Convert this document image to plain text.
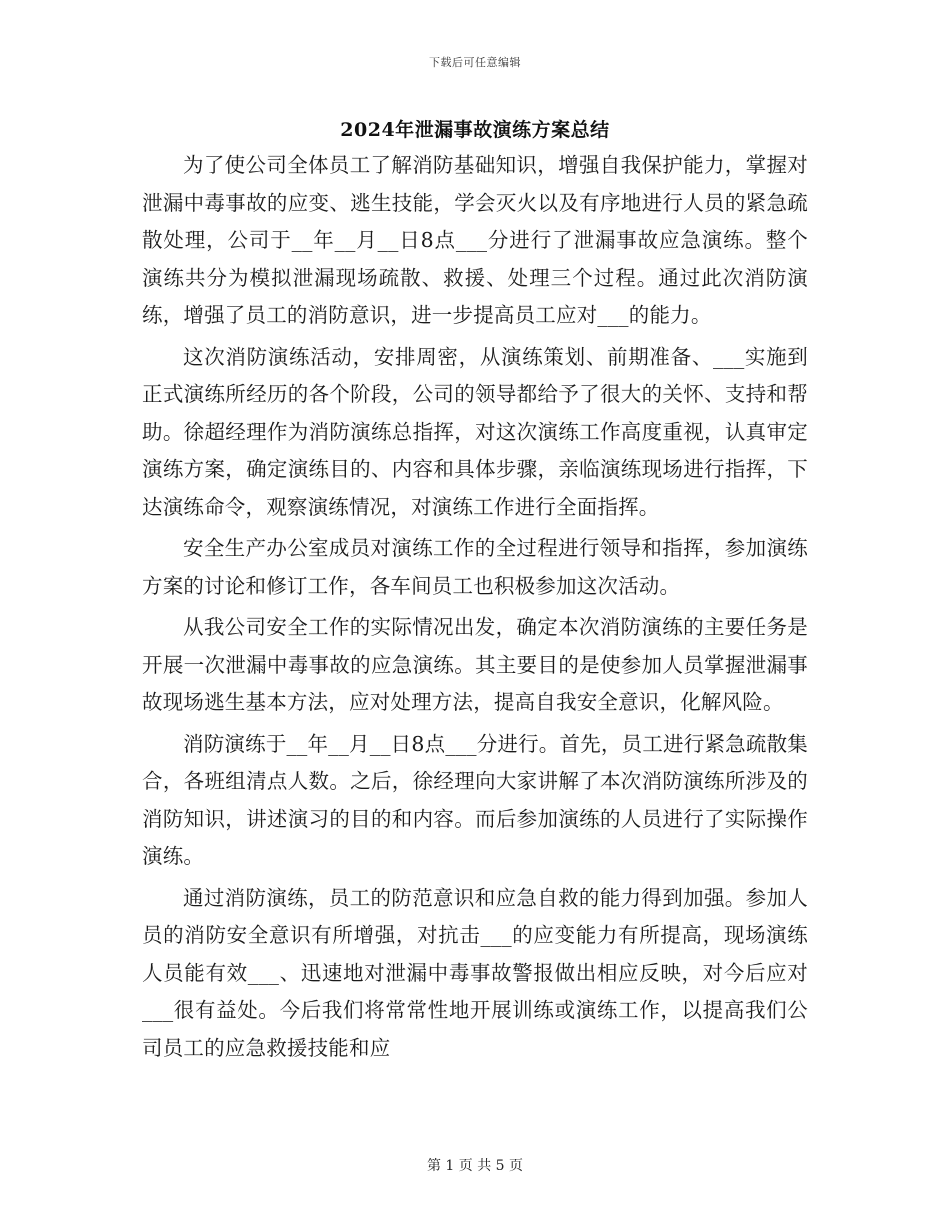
下载后可任意编辑
2024年泄漏事故演练方案总结

为了使公司全体员工了解消防基础知识，增强自我保护能力，掌握对泄漏中毒事故的应变、逃生技能，学会灭火以及有序地进行人员的紧急疏散处理，公司于__年__月__日8点___分进行了泄漏事故应急演练。整个演练共分为模拟泄漏现场疏散、救援、处理三个过程。通过此次消防演练，增强了员工的消防意识，进一步提高员工应对___的能力。

这次消防演练活动，安排周密，从演练策划、前期准备、___实施到正式演练所经历的各个阶段，公司的领导都给予了很大的关怀、支持和帮助。徐超经理作为消防演练总指挥，对这次演练工作高度重视，认真审定演练方案，确定演练目的、内容和具体步骤，亲临演练现场进行指挥，下达演练命令，观察演练情况，对演练工作进行全面指挥。

安全生产办公室成员对演练工作的全过程进行领导和指挥，参加演练方案的讨论和修订工作，各车间员工也积极参加这次活动。

从我公司安全工作的实际情况出发，确定本次消防演练的主要任务是开展一次泄漏中毒事故的应急演练。其主要目的是使参加人员掌握泄漏事故现场逃生基本方法，应对处理方法，提高自我安全意识，化解风险。

消防演练于__年__月__日8点___分进行。首先，员工进行紧急疏散集合，各班组清点人数。之后，徐经理向大家讲解了本次消防演练所涉及的消防知识，讲述演习的目的和内容。而后参加演练的人员进行了实际操作演练。

通过消防演练，员工的防范意识和应急自救的能力得到加强。参加人员的消防安全意识有所增强，对抗击___的应变能力有所提高，现场演练人员能有效___、迅速地对泄漏中毒事故警报做出相应反映，对今后应对___很有益处。今后我们将常常性地开展训练或演练工作，以提高我们公司员工的应急救援技能和应

第 1 页 共 5 页
